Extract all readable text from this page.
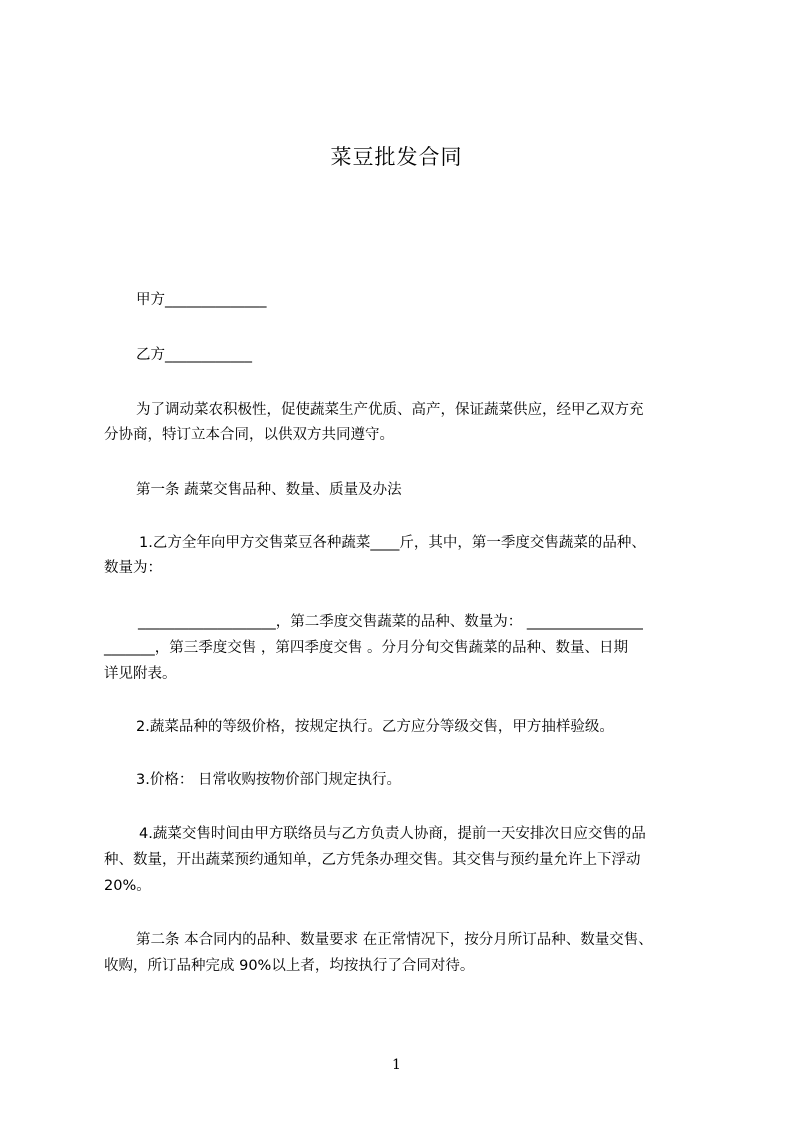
菜豆批发合同

甲方______________

乙方____________

为了调动菜农积极性，促使蔬菜生产优质、高产，保证蔬菜供应，经甲乙双方充

分协商，特订立本合同，以供双方共同遵守。

第一条 蔬菜交售品种、数量、质量及办法

1.乙方全年向甲方交售菜豆各种蔬菜____斤，其中，第一季度交售蔬菜的品种、

数量为：

___________________，第二季度交售蔬菜的品种、数量为： ________________

_______，第三季度交售 ，第四季度交售 。分月分旬交售蔬菜的品种、数量、日期

详见附表。

2.蔬菜品种的等级价格，按规定执行。乙方应分等级交售，甲方抽样验级。

3.价格： 日常收购按物价部门规定执行。

4.蔬菜交售时间由甲方联络员与乙方负责人协商，提前一天安排次日应交售的品

种、数量，开出蔬菜预约通知单，乙方凭条办理交售。其交售与预约量允许上下浮动

20%。

第二条 本合同内的品种、数量要求 在正常情况下，按分月所订品种、数量交售、

收购，所订品种完成 90%以上者，均按执行了合同对待。

1
